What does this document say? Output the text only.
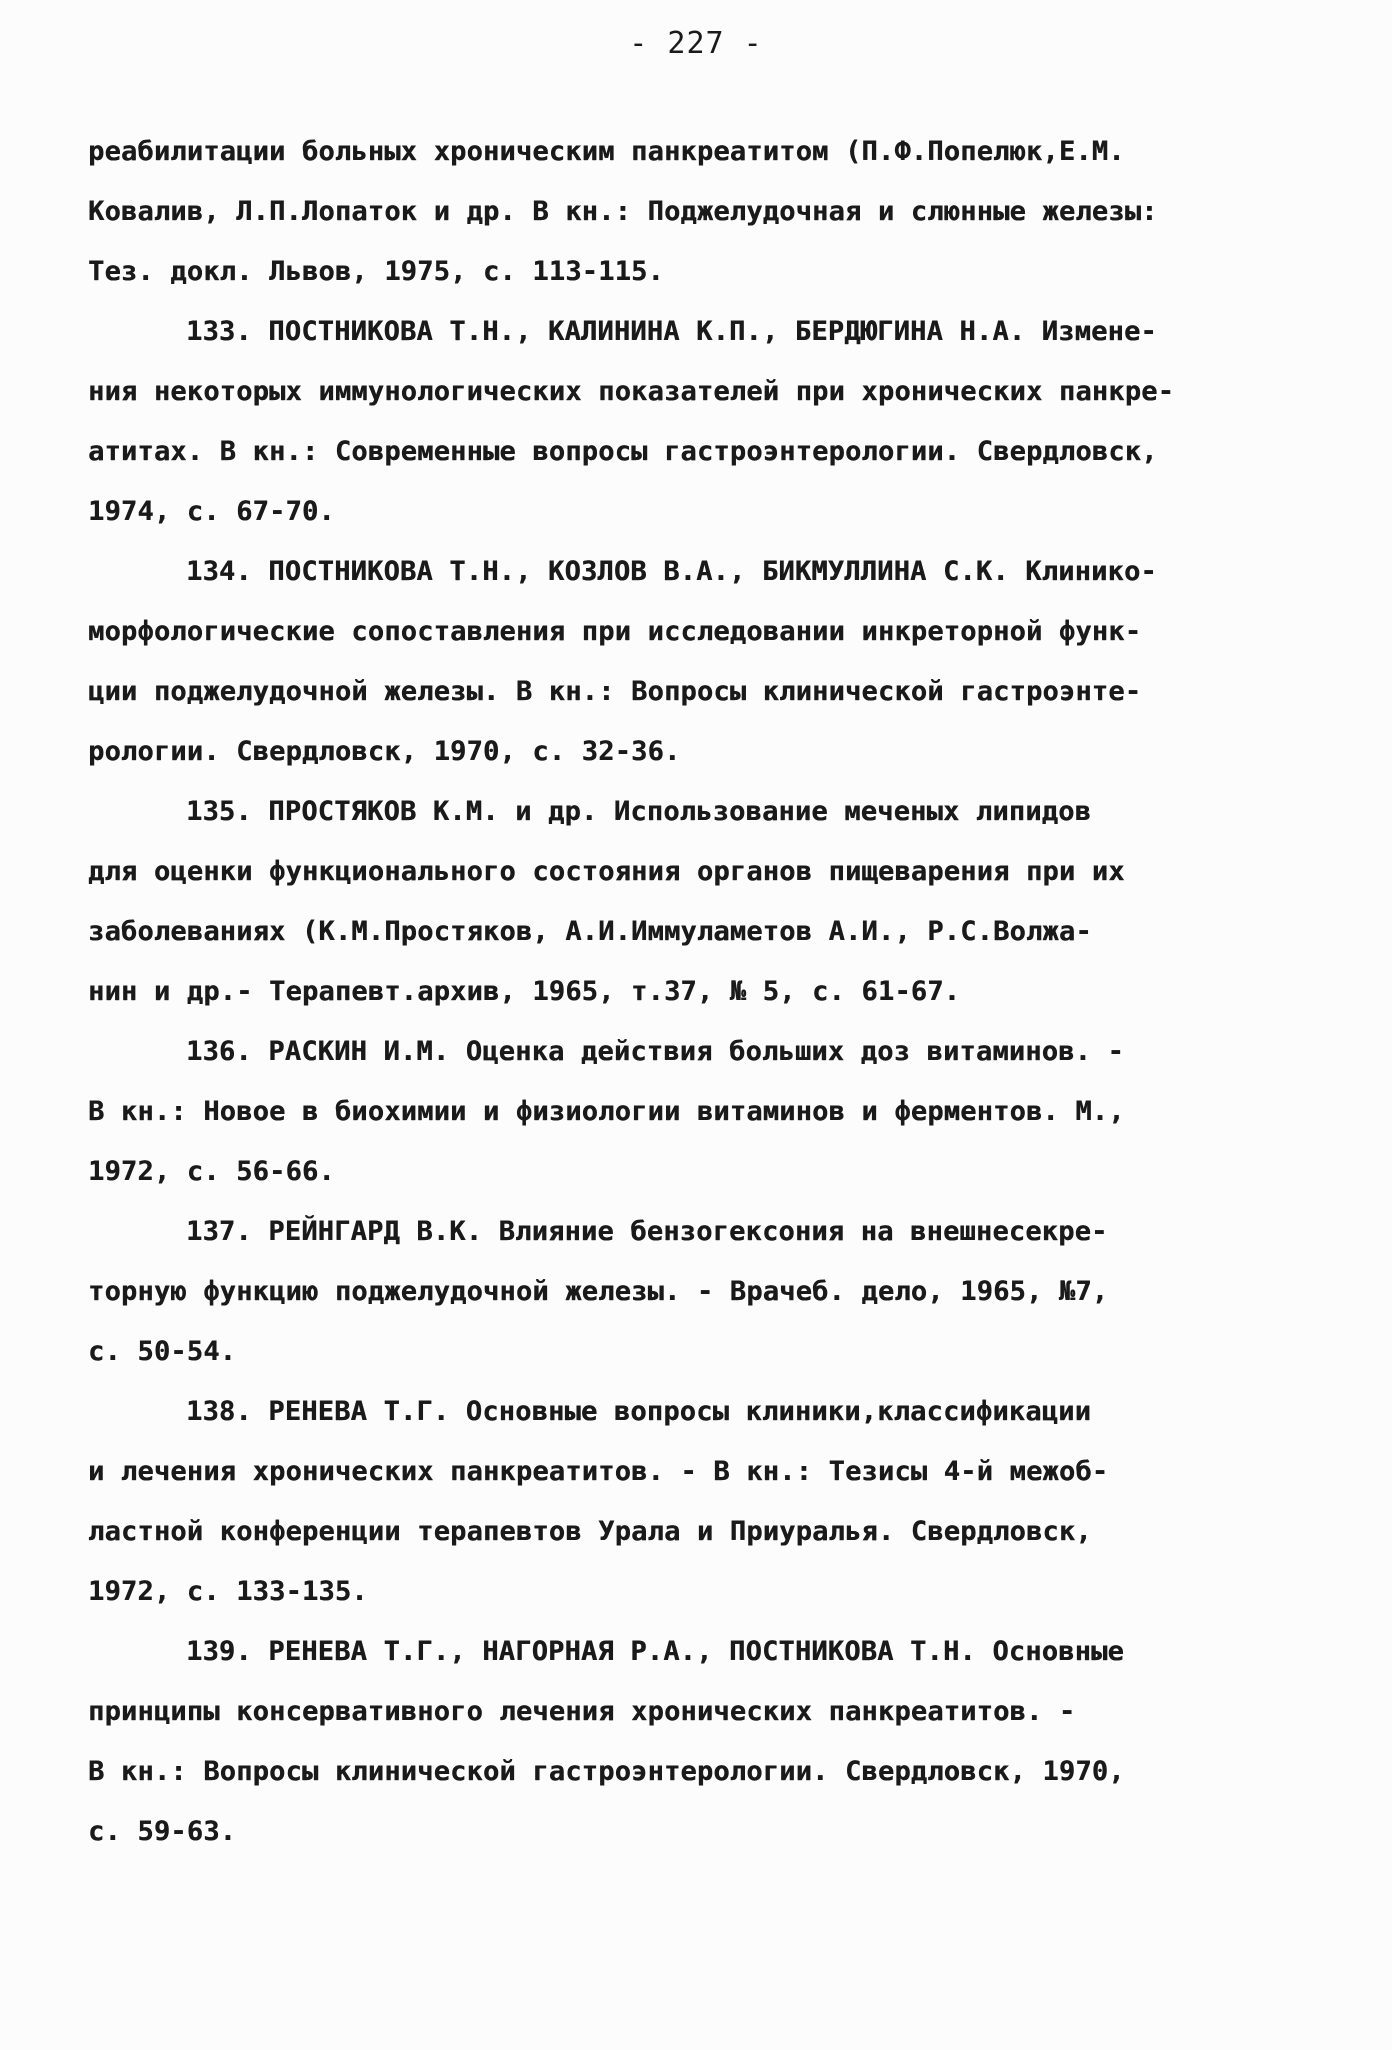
- 227 -
реабилитации больных хроническим панкреатитом (П.Ф.Попелюк,Е.М.
Ковалив, Л.П.Лопаток и др. В кн.: Поджелудочная и слюнные железы:
Тез. докл. Львов, 1975, с. 113-115.
133. ПОСТНИКОВА Т.Н., КАЛИНИНА К.П., БЕРДЮГИНА Н.А. Измене-
ния некоторых иммунологических показателей при хронических панкре-
атитах. В кн.: Современные вопросы гастроэнтерологии. Свердловск,
1974, с. 67-70.
134. ПОСТНИКОВА Т.Н., КОЗЛОВ В.А., БИКМУЛЛИНА С.К. Клинико-
морфологические сопоставления при исследовании инкреторной функ-
ции поджелудочной железы. В кн.: Вопросы клинической гастроэнте-
рологии. Свердловск, 1970, с. 32-36.
135. ПРОСТЯКОВ К.М. и др. Использование меченых липидов
для оценки функционального состояния органов пищеварения при их
заболеваниях (К.М.Простяков, А.И.Иммуламетов А.И., Р.С.Волжа-
нин и др.- Терапевт.архив, 1965, т.37, № 5, с. 61-67.
136. РАСКИН И.М. Оценка действия больших доз витаминов. -
В кн.: Новое в биохимии и физиологии витаминов и ферментов. М.,
1972, с. 56-66.
137. РЕЙНГАРД В.К. Влияние бензогексония на внешнесекре-
торную функцию поджелудочной железы. - Врачеб. дело, 1965, №7,
с. 50-54.
138. РЕНЕВА Т.Г. Основные вопросы клиники,классификации
и лечения хронических панкреатитов. - В кн.: Тезисы 4-й межоб-
ластной конференции терапевтов Урала и Приуралья. Свердловск,
1972, с. 133-135.
139. РЕНЕВА Т.Г., НАГОРНАЯ Р.А., ПОСТНИКОВА Т.Н. Основные
принципы консервативного лечения хронических панкреатитов. -
В кн.: Вопросы клинической гастроэнтерологии. Свердловск, 1970,
с. 59-63.
